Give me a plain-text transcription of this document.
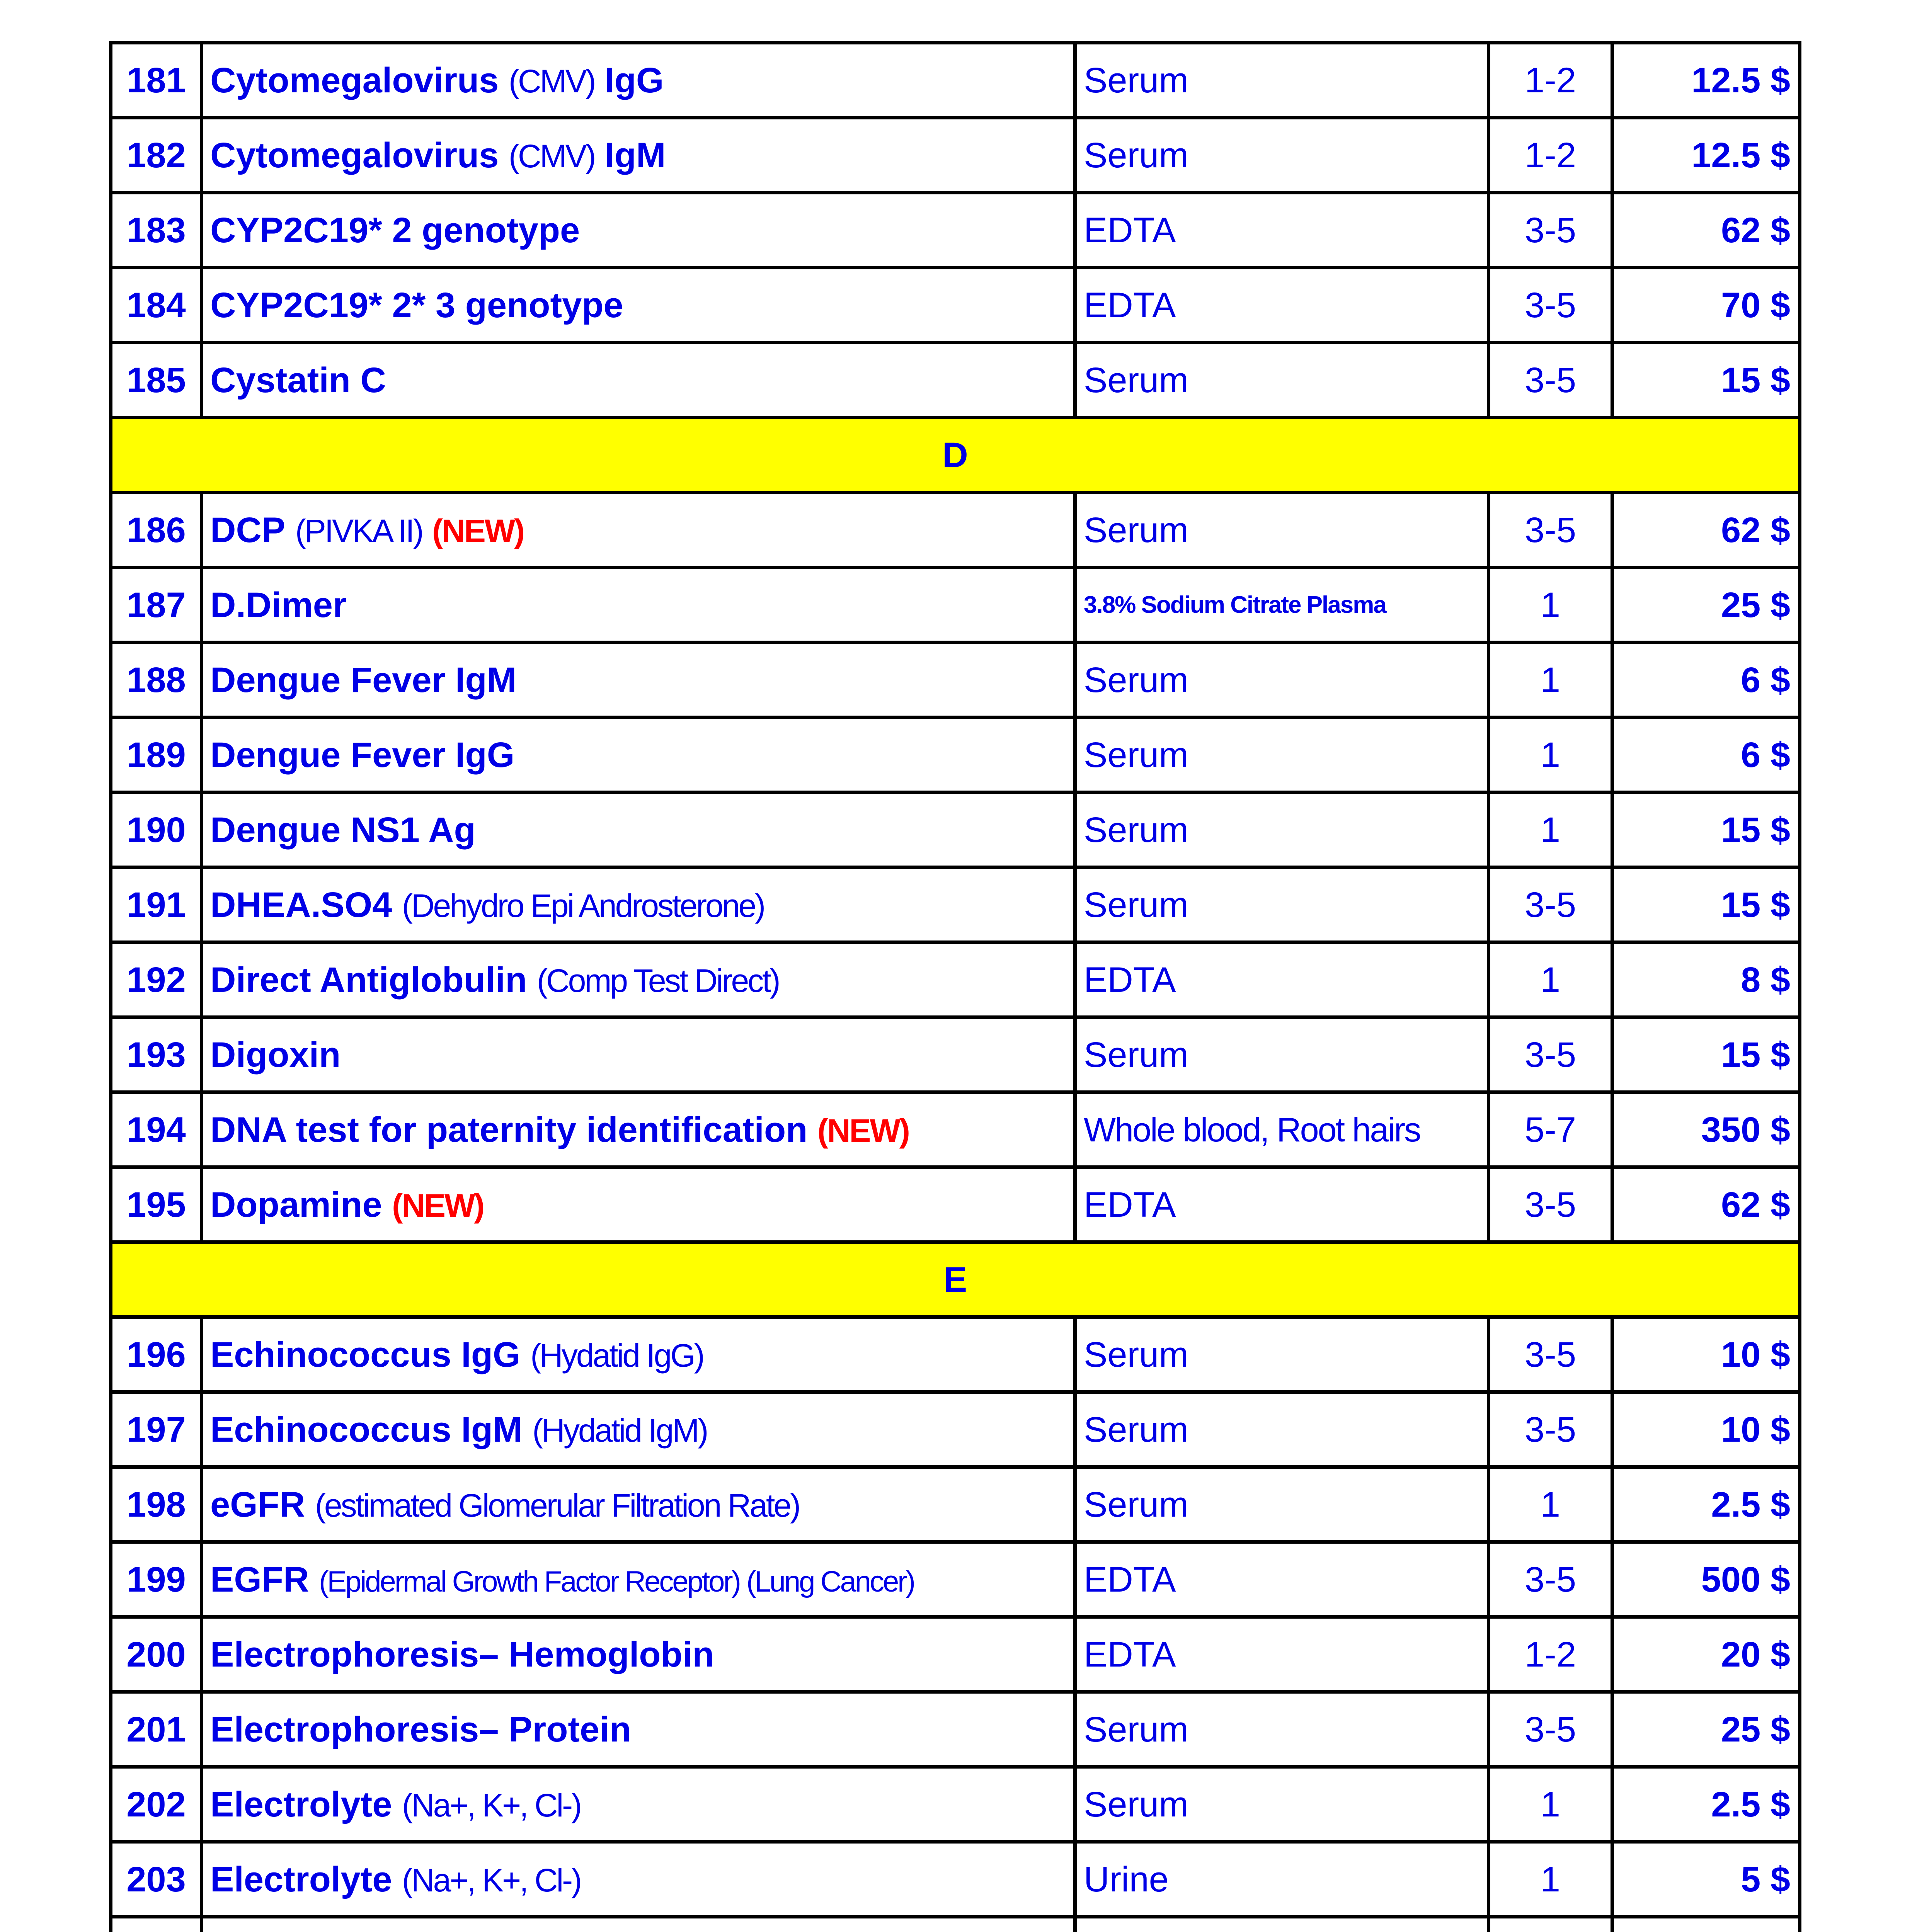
181	Cytomegalovirus (CMV) IgG	Serum	1-2	12.5 $
182	Cytomegalovirus (CMV) IgM	Serum	1-2	12.5 $
183	CYP2C19* 2 genotype	EDTA	3-5	62 $
184	CYP2C19* 2* 3 genotype	EDTA	3-5	70 $
185	Cystatin C	Serum	3-5	15 $
D				
186	DCP (PIVKA II) (NEW)	Serum	3-5	62 $
187	D.Dimer	3.8% Sodium Citrate Plasma	1	25 $
188	Dengue Fever IgM	Serum	1	6 $
189	Dengue Fever IgG	Serum	1	6 $
190	Dengue NS1 Ag	Serum	1	15 $
191	DHEA.SO4 (Dehydro Epi Androsterone)	Serum	3-5	15 $
192	Direct Antiglobulin (Comp Test Direct)	EDTA	1	8 $
193	Digoxin	Serum	3-5	15 $
194	DNA test for paternity identification (NEW)	Whole blood, Root hairs	5-7	350 $
195	Dopamine (NEW)	EDTA	3-5	62 $
E				
196	Echinococcus IgG (Hydatid IgG)	Serum	3-5	10 $
197	Echinococcus IgM (Hydatid IgM)	Serum	3-5	10 $
198	eGFR (estimated Glomerular Filtration Rate)	Serum	1	2.5 $
199	EGFR (Epidermal Growth Factor Receptor) (Lung Cancer)	EDTA	3-5	500 $
200	Electrophoresis– Hemoglobin	EDTA	1-2	20 $
201	Electrophoresis– Protein	Serum	3-5	25 $
202	Electrolyte (Na+, K+, Cl-)	Serum	1	2.5 $
203	Electrolyte (Na+, K+, Cl-)	Urine	1	5 $
